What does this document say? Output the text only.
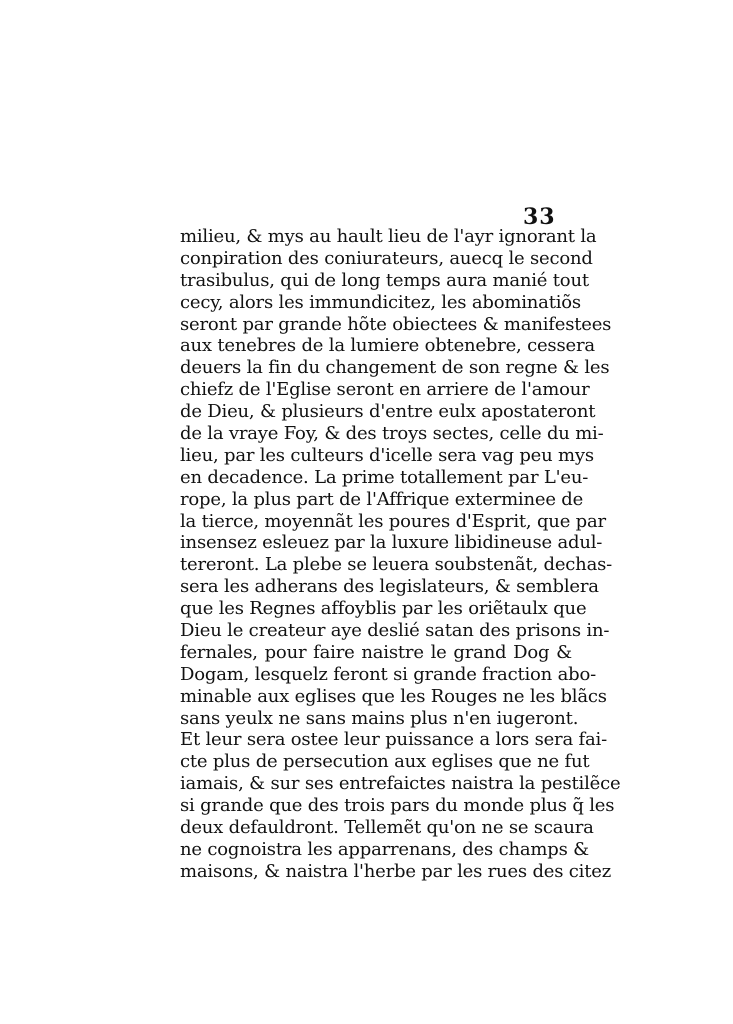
33
milieu, & mys au hault lieu de l'ayr ignorant la
conpiration des coniurateurs, auecq le second
trasibulus, qui de long temps aura manié tout
cecy, alors les immundicitez, les abominatiõs
seront par grande hõte obiectees & manifestees
aux tenebres de la lumiere obtenebre, cessera
deuers la fin du changement de son regne & les
chiefz de l'Eglise seront en arriere de l'amour
de Dieu, & plusieurs d'entre eulx apostateront
de la vraye Foy, & des troys sectes, celle du mi-
lieu, par les culteurs d'icelle sera vag peu mys
en decadence. La prime totallement par L'eu-
rope, la plus part de l'Affrique exterminee de
la tierce, moyennãt les poures d'Esprit, que par
insensez esleuez par la luxure libidineuse adul-
tereront. La plebe se leuera soubstenãt, dechas-
sera les adherans des legislateurs, & semblera
que les Regnes affoyblis par les oriẽtaulx que
Dieu le createur aye deslié satan des prisons in-
fernales, pour faire naistre le grand Dog &
Dogam, lesquelz feront si grande fraction abo-
minable aux eglises que les Rouges ne les blãcs
sans yeulx ne sans mains plus n'en iugeront.
Et leur sera ostee leur puissance a lors sera fai-
cte plus de persecution aux eglises que ne fut
iamais, & sur ses entrefaictes naistra la pestilẽce
si grande que des trois pars du monde plus q̃ les
deux defauldront. Tellemẽt qu'on ne se scaura
ne cognoistra les apparrenans, des champs &
maisons, & naistra l'herbe par les rues des citez
